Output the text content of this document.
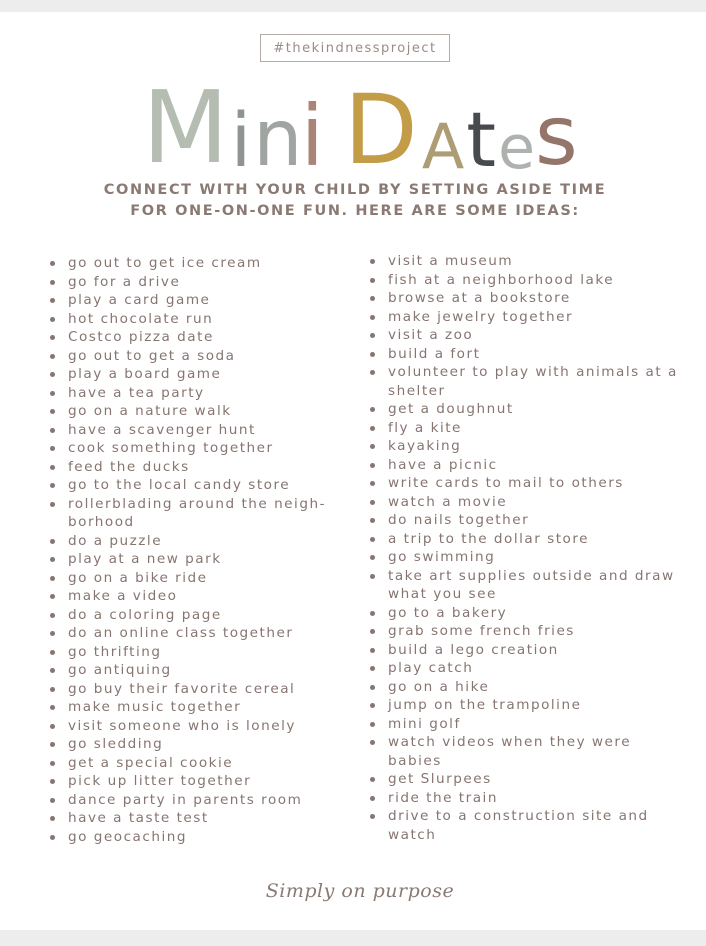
#thekindnessproject
M i n
i D A t e s
CONNECT WITH YOUR CHILD BY SETTING ASIDE TIME
FOR ONE-ON-ONE FUN. HERE ARE SOME IDEAS:
go out to get ice cream
go for a drive
play a card game
hot chocolate run
Costco pizza date
go out to get a soda
play a board game
have a tea party
go on a nature walk
have a scavenger hunt
cook something together
feed the ducks
go to the local candy store
rollerblading around the neigh- borhood
do a puzzle
play at a new park
go on a bike ride
make a video
do a coloring page
do an online class together
go thrifting
go antiquing
go buy their favorite cereal
make music together
visit someone who is lonely
go sledding
get a special cookie
pick up litter together
dance party in parents room
have a taste test
go geocaching
visit a museum
fish at a neighborhood lake
browse at a bookstore
make jewelry together
visit a zoo
build a fort
volunteer to play with animals at a shelter
get a doughnut
fly a kite
kayaking
have a picnic
write cards to mail to others
watch a movie
do nails together
a trip to the dollar store
go swimming
take art supplies outside and draw what you see
go to a bakery
grab some french fries
build a lego creation
play catch
go on a hike
jump on the trampoline
mini golf
watch videos when they were babies
get Slurpees
ride the train
drive to a construction site and watch
Simply on purpose
